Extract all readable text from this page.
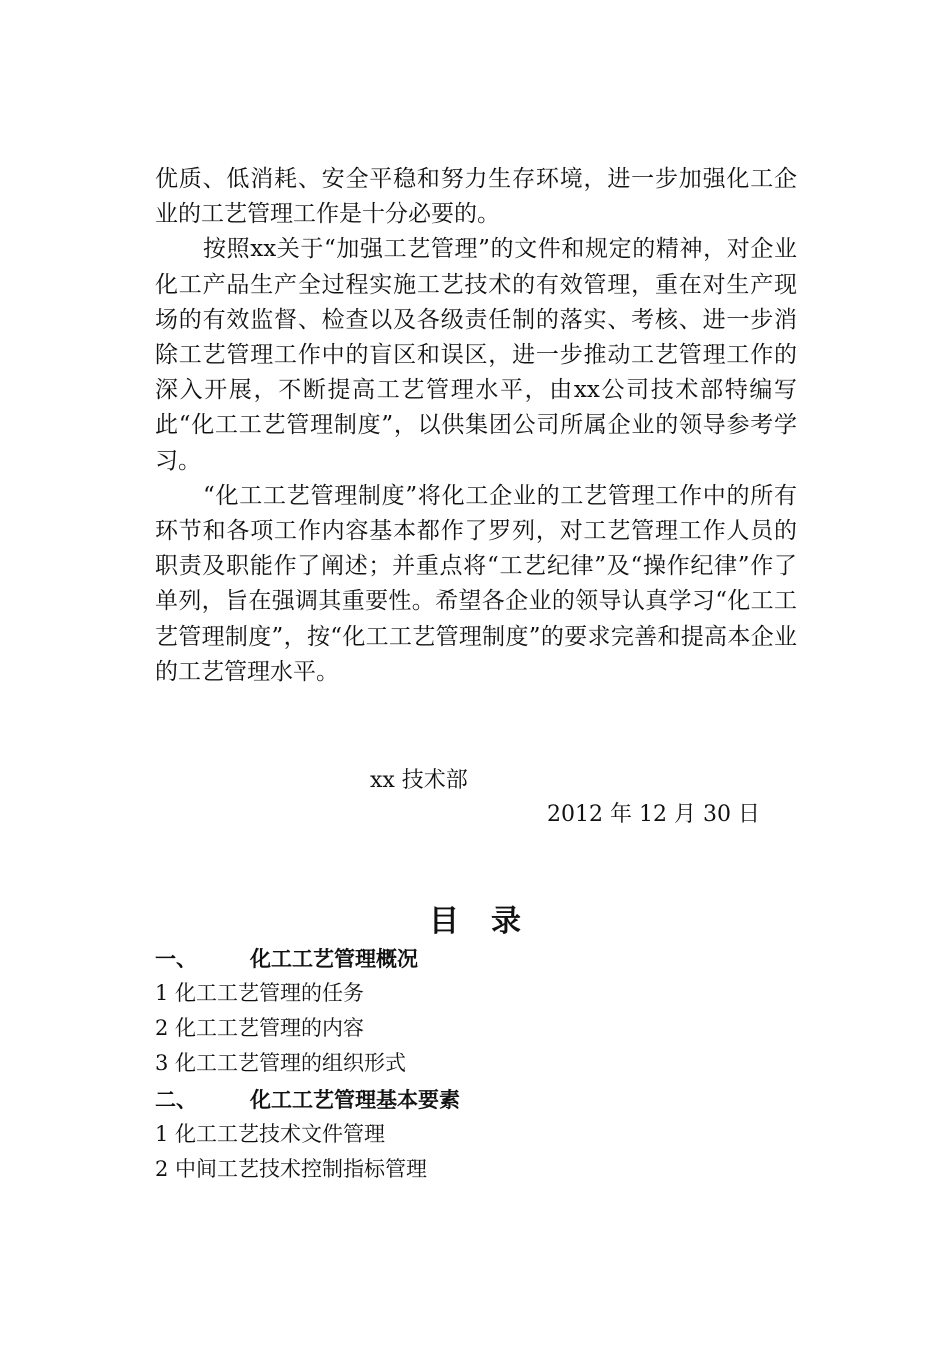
优质、低消耗、安全平稳和努力生存环境，进一步加强化工企业的工艺管理工作是十分必要的。

按照xx关于“加强工艺管理”的文件和规定的精神，对企业化工产品生产全过程实施工艺技术的有效管理，重在对生产现场的有效监督、检查以及各级责任制的落实、考核、进一步消除工艺管理工作中的盲区和误区，进一步推动工艺管理工作的深入开展，不断提高工艺管理水平，由xx公司技术部特编写此“化工工艺管理制度”，以供集团公司所属企业的领导参考学习。

“化工工艺管理制度”将化工企业的工艺管理工作中的所有环节和各项工作内容基本都作了罗列，对工艺管理工作人员的职责及职能作了阐述；并重点将“工艺纪律”及“操作纪律”作了单列，旨在强调其重要性。希望各企业的领导认真学习“化工工艺管理制度”，按“化工工艺管理制度”的要求完善和提高本企业的工艺管理水平。

xx 技术部
2012 年 12 月 30 日
目录
一、	化工工艺管理概况
1 化工工艺管理的任务
2 化工工艺管理的内容
3 化工工艺管理的组织形式
二、	化工工艺管理基本要素
1 化工工艺技术文件管理
2 中间工艺技术控制指标管理
